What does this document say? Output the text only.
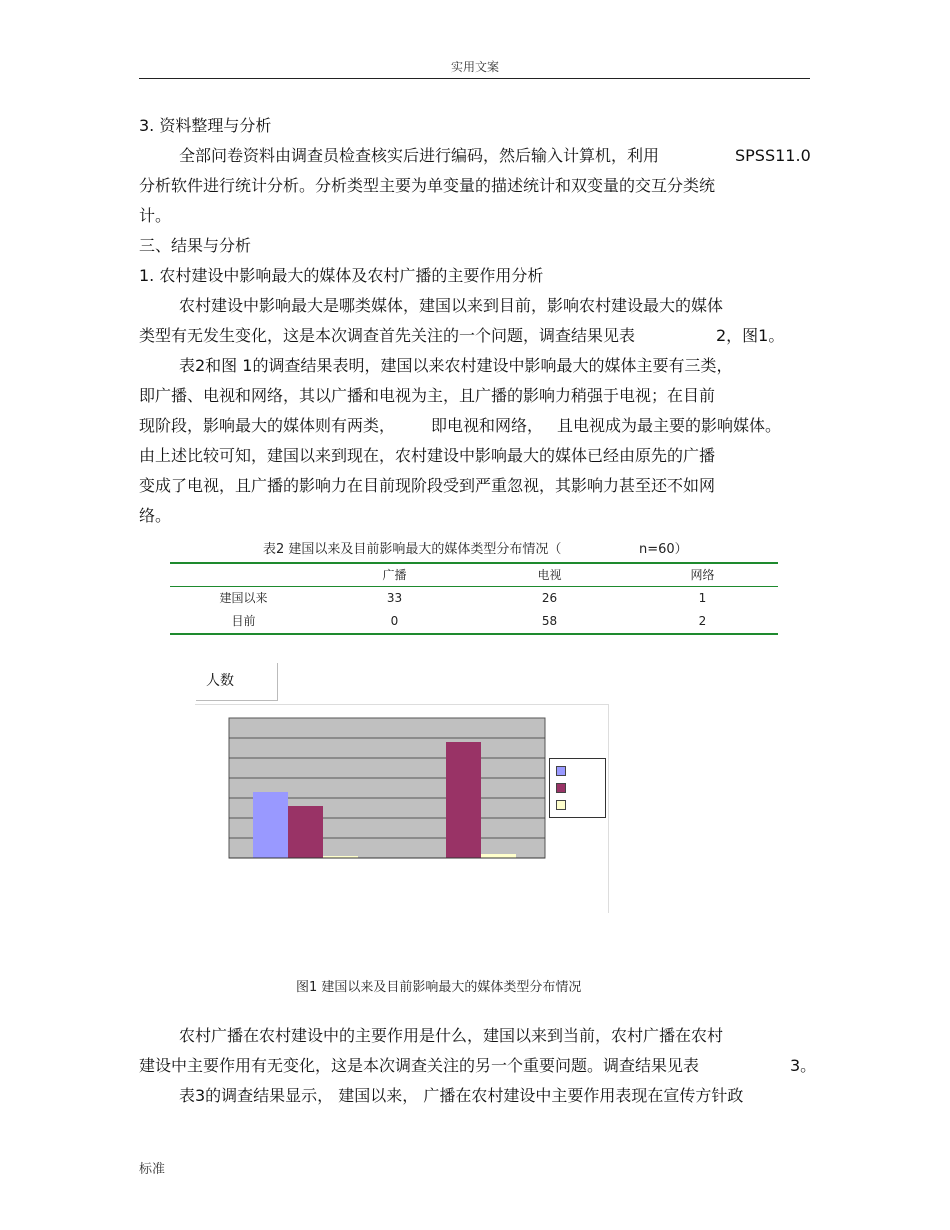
实用文案
3. 资料整理与分析
全部问卷资料由调查员检查核实后进行编码，然后输入计算机，利用	SPSS11.0
分析软件进行统计分析。分析类型主要为单变量的描述统计和双变量的交互分类统
计。
三、结果与分析
1. 农村建设中影响最大的媒体及农村广播的主要作用分析
农村建设中影响最大是哪类媒体，建国以来到目前，影响农村建设最大的媒体
类型有无发生变化，这是本次调查首先关注的一个问题，调查结果见表	2，图1。
表2和图 1的调查结果表明，建国以来农村建设中影响最大的媒体主要有三类，
即广播、电视和网络，其以广播和电视为主，且广播的影响力稍强于电视；在目前
现阶段，影响最大的媒体则有两类， 即电视和网络， 且电视成为最主要的影响媒体。
由上述比较可知，建国以来到现在，农村建设中影响最大的媒体已经由原先的广播
变成了电视，且广播的影响力在目前现阶段受到严重忽视，其影响力甚至还不如网
络。
表2 建国以来及目前影响最大的媒体类型分布情况（	n=60）
	广播	电视	网络
建国以来	33	26	1
目前	0	58	2
人数
图1 建国以来及目前影响最大的媒体类型分布情况
农村广播在农村建设中的主要作用是什么，建国以来到当前，农村广播在农村
建设中主要作用有无变化，这是本次调查关注的另一个重要问题。调查结果见表	3。
表3的调查结果显示， 建国以来， 广播在农村建设中主要作用表现在宣传方针政
标准
